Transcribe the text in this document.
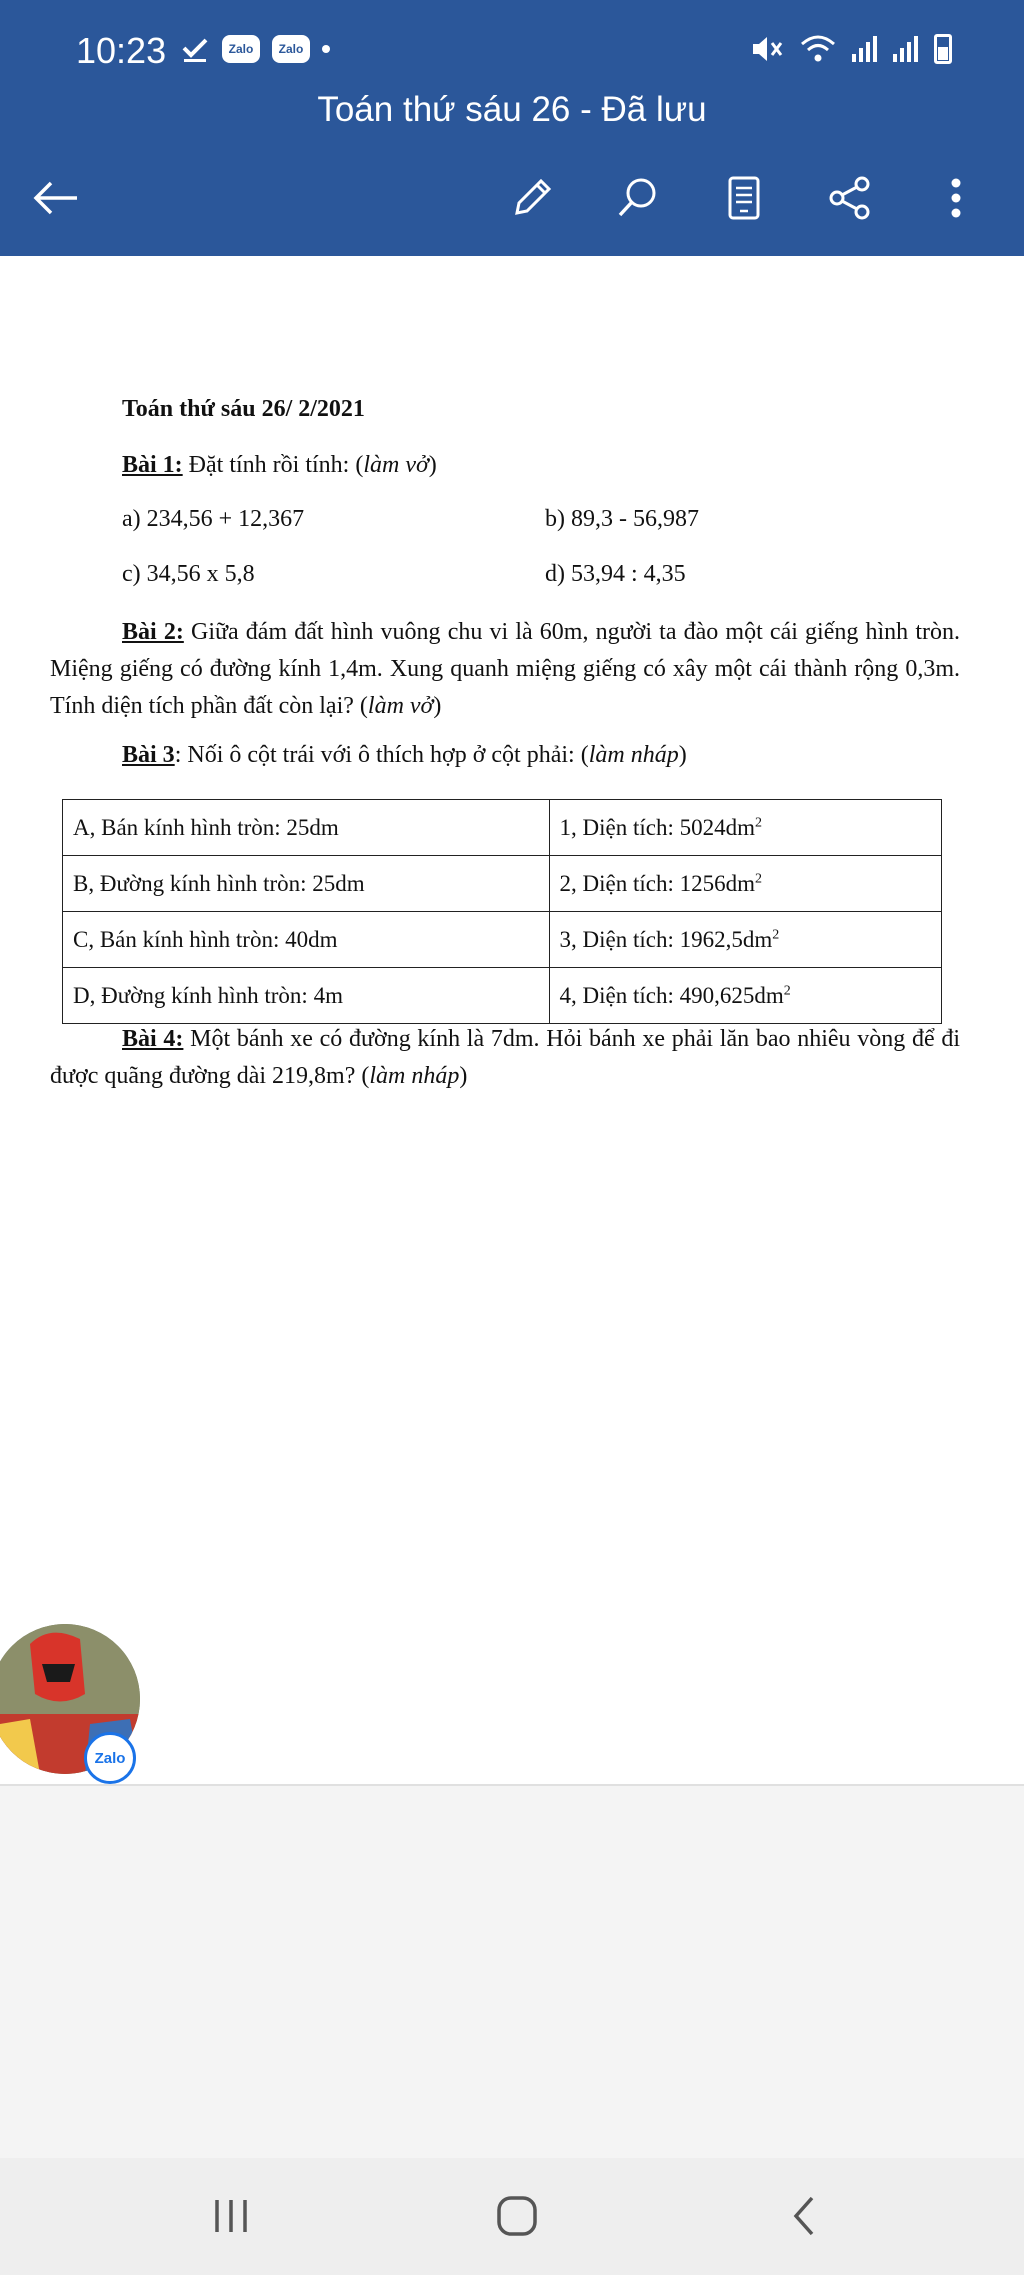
10:23	Zalo	Zalo
Toán thứ sáu 26 - Đã lưu
Toán thứ sáu 26/ 2/2021
Bài 1: Đặt tính rồi tính: (làm vở)
a) 234,56 + 12,367	b) 89,3 - 56,987
c) 34,56 x 5,8	d) 53,94 : 4,35
Bài 2: Giữa đám đất hình vuông chu vi là 60m, người ta đào một cái giếng hình tròn. Miệng giếng có đường kính 1,4m. Xung quanh miệng giếng có xây một cái thành rộng 0,3m. Tính diện tích phần đất còn lại? (làm vở)
Bài 3: Nối ô cột trái với ô thích hợp ở cột phải: (làm nháp)
A, Bán kính hình tròn: 25dm	1, Diện tích: $5024dm^2$
B, Đường kính hình tròn: 25dm	2, Diện tích: $1256dm^2$
C, Bán kính hình tròn: 40dm	3, Diện tích: $1962,5dm^2$
D, Đường kính hình tròn: 4m	4, Diện tích: $490,625dm^2$
Bài 4: Một bánh xe có đường kính là 7dm. Hỏi bánh xe phải lăn bao nhiêu vòng để đi được quãng đường dài 219,8m? (làm nháp)
Zalo
